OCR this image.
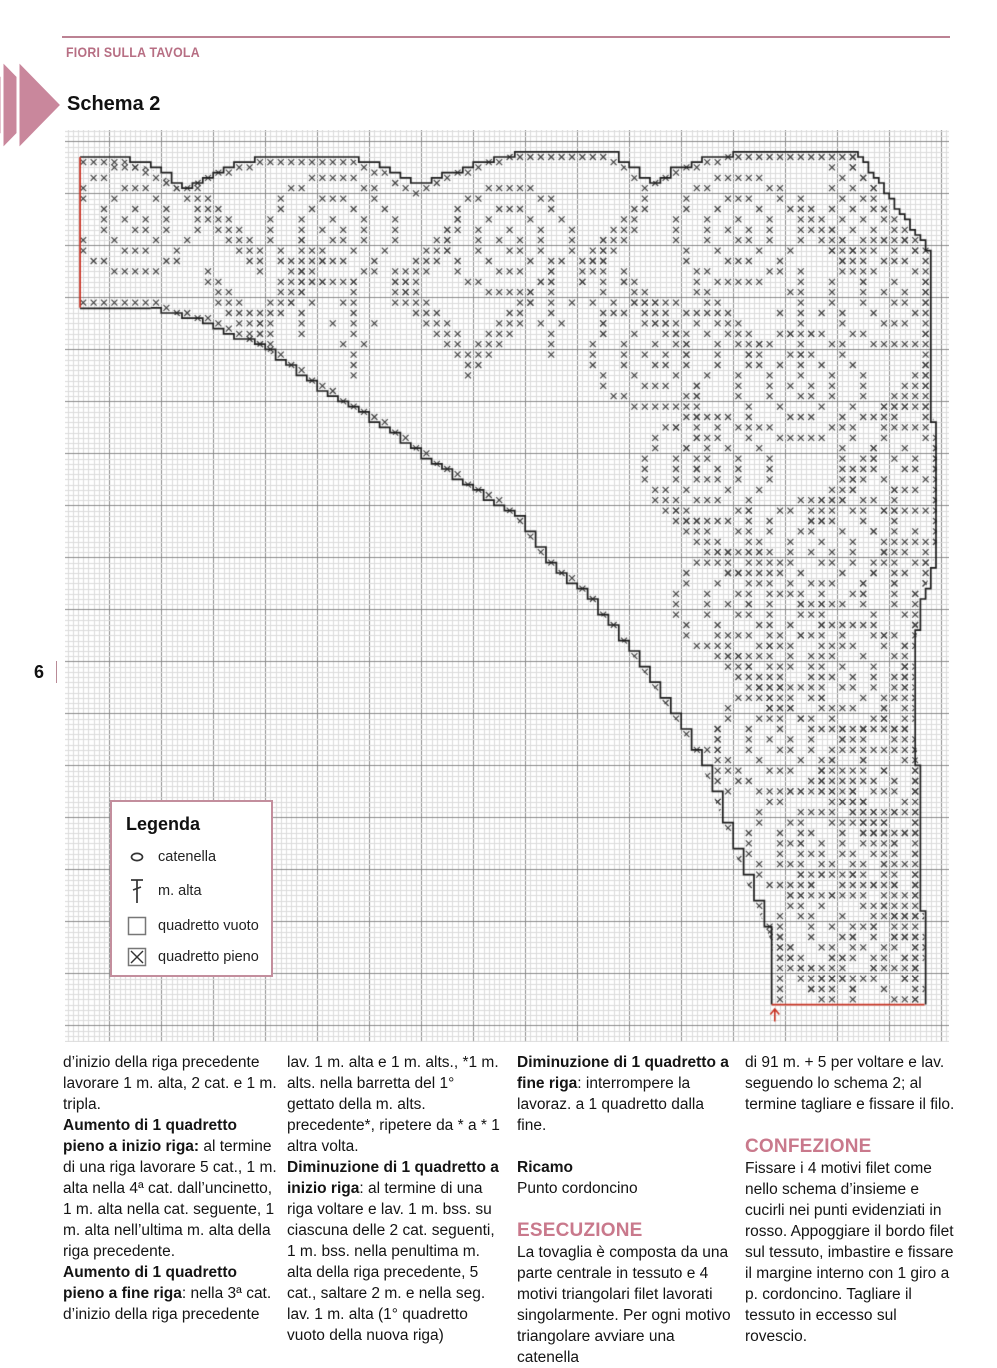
FIORI SULLA TAVOLA
Schema 2
Legenda
catenella
m. alta
quadretto vuoto
quadretto pieno
6

d’inizio della riga precedente lavorare 1 m. alta, 2 cat. e 1 m. tripla.

Aumento di 1 quadretto pieno a inizio riga: al termine di una riga lavorare 5 cat., 1 m. alta nella 4ª cat. dall’uncinetto, 1 m. alta nella cat. seguente, 1 m. alta nell’ultima m. alta della riga precedente.

Aumento di 1 quadretto pieno a fine riga: nella 3ª cat. d’inizio della riga precedente

lav. 1 m. alta e 1 m. alts., *1 m. alts. nella barretta del 1° gettato della m. alts. precedente*, ripetere da * a * 1 altra volta.

Diminuzione di 1 quadretto a inizio riga: al termine di una riga voltare e lav. 1 m. bss. su ciascuna delle 2 cat. seguenti, 1 m. bss. nella penultima m. alta della riga precedente, 5 cat., saltare 2 m. e nella seg. lav. 1 m. alta (1° quadretto vuoto della nuova riga)

Diminuzione di 1 quadretto a fine riga: interrompere la lavoraz. a 1 quadretto dalla fine.

Ricamo

Punto cordoncino

ESECUZIONE

La tovaglia è composta da una parte centrale in tessuto e 4 motivi triangolari filet lavorati singolarmente. Per ogni motivo triangolare avviare una catenella

di 91 m. + 5 per voltare e lav. seguendo lo schema 2; al termine tagliare e fissare il filo.

CONFEZIONE

Fissare i 4 motivi filet come nello schema d’insieme e cucirli nei punti evidenziati in rosso. Appoggiare il bordo filet sul tessuto, imbastire e fissare il margine interno con 1 giro a p. cordoncino. Tagliare il tessuto in eccesso sul rovescio.
